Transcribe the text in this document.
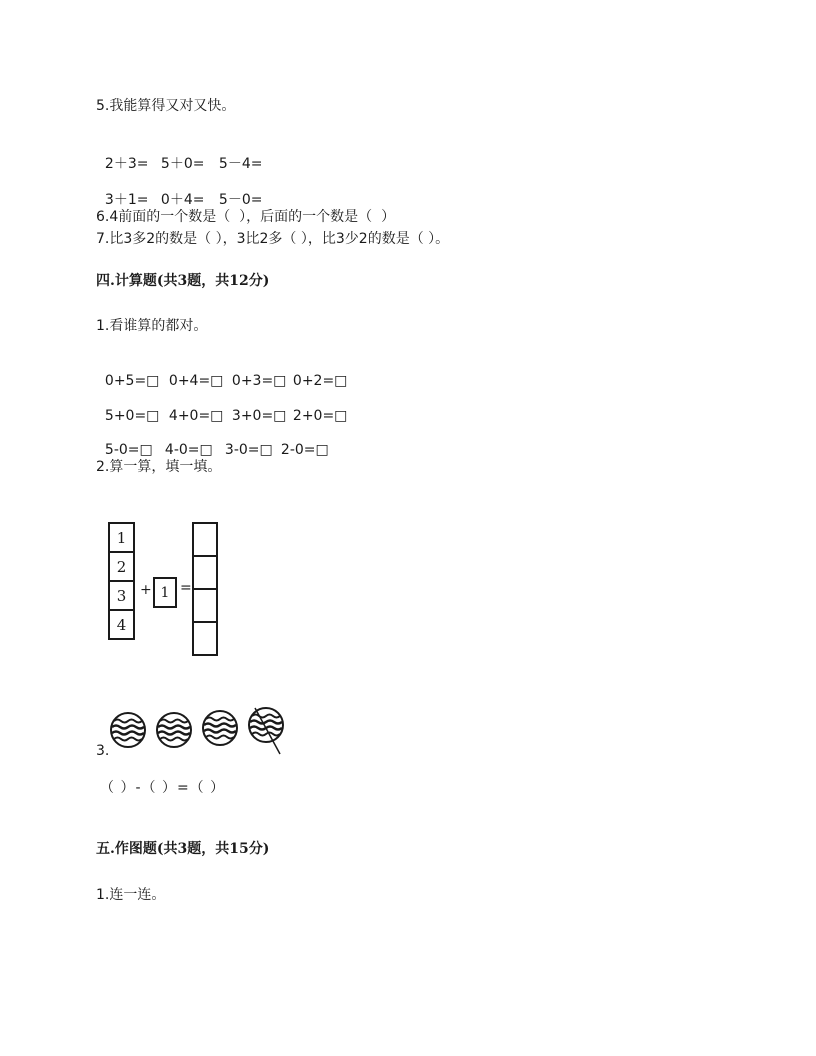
5.我能算得又对又快。

2＋3= 5＋0= 5－4=

3＋1= 0＋4= 5－0=

6.4前面的一个数是（  ），后面的一个数是（  ）
7.比3多2的数是（ ），3比2多（ ），比3少2的数是（ ）。
四.计算题(共3题，共12分)
1.看谁算的都对。

0+5=□ 0+4=□ 0+3=□ 0+2=□

5+0=□ 4+0=□ 3+0=□ 2+0=□

5-0=□ 4-0=□ 3-0=□ 2-0=□

2.算一算，填一填。
1
2
3
4
+ 1 =
3.
（ ）-（ ）=（ ）
五.作图题(共3题，共15分)
1.连一连。
